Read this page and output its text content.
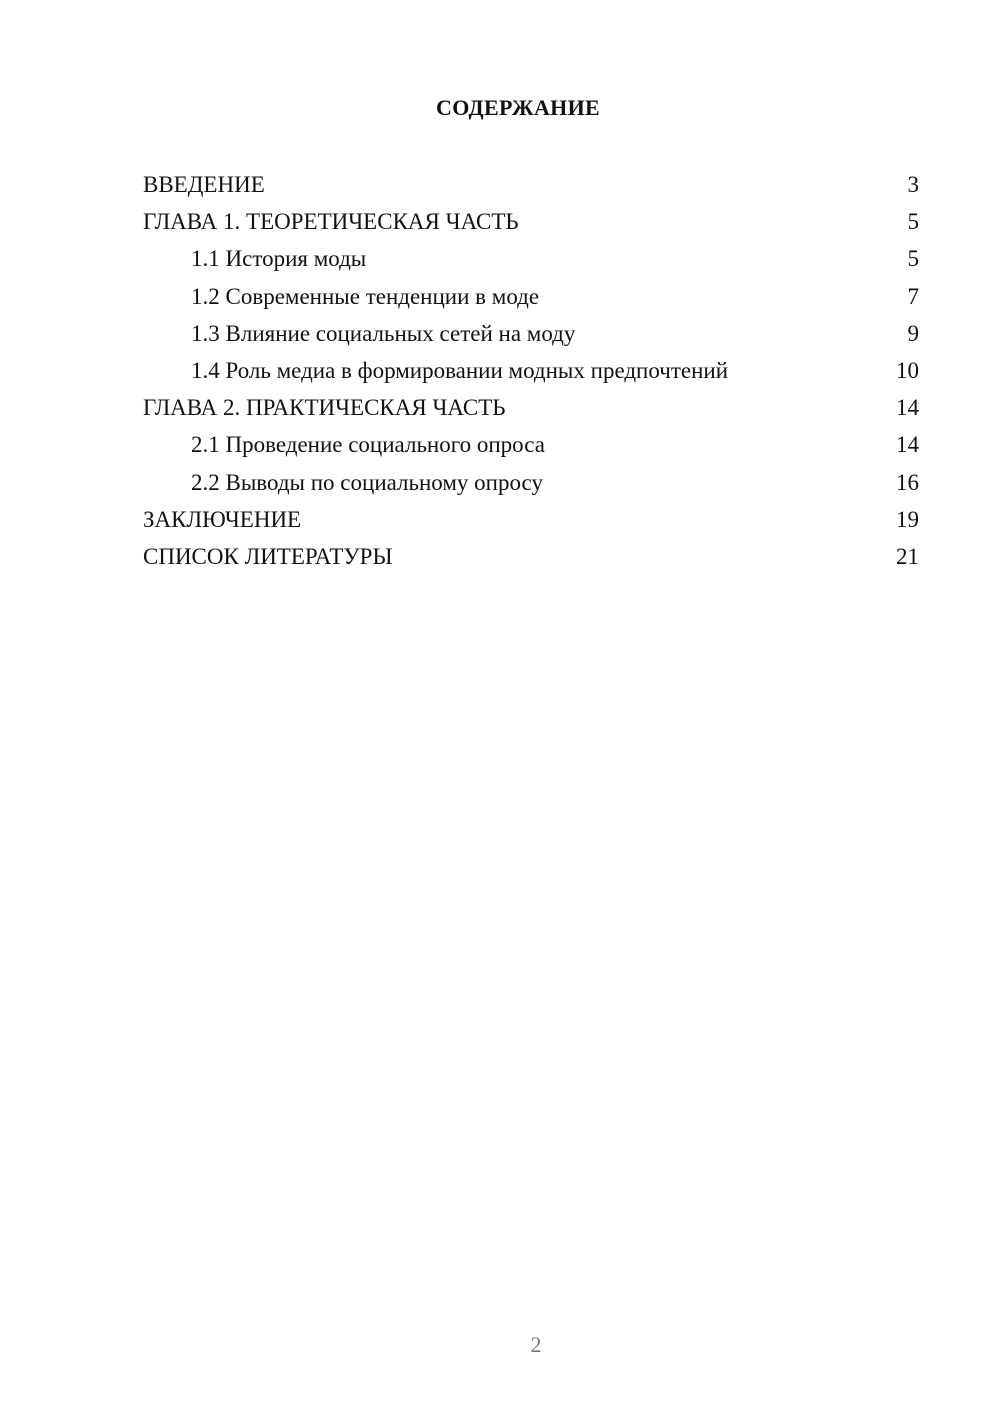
СОДЕРЖАНИЕ
ВВЕДЕНИЕ	3
ГЛАВА 1. ТЕОРЕТИЧЕСКАЯ ЧАСТЬ	5
1.1 История моды	5
1.2 Современные тенденции в моде	7
1.3 Влияние социальных сетей на моду	9
1.4 Роль медиа в формировании модных предпочтений	10
ГЛАВА 2. ПРАКТИЧЕСКАЯ ЧАСТЬ	14
2.1 Проведение социального опроса	14
2.2 Выводы по социальному опросу	16
ЗАКЛЮЧЕНИЕ	19
СПИСОК ЛИТЕРАТУРЫ	21
2
